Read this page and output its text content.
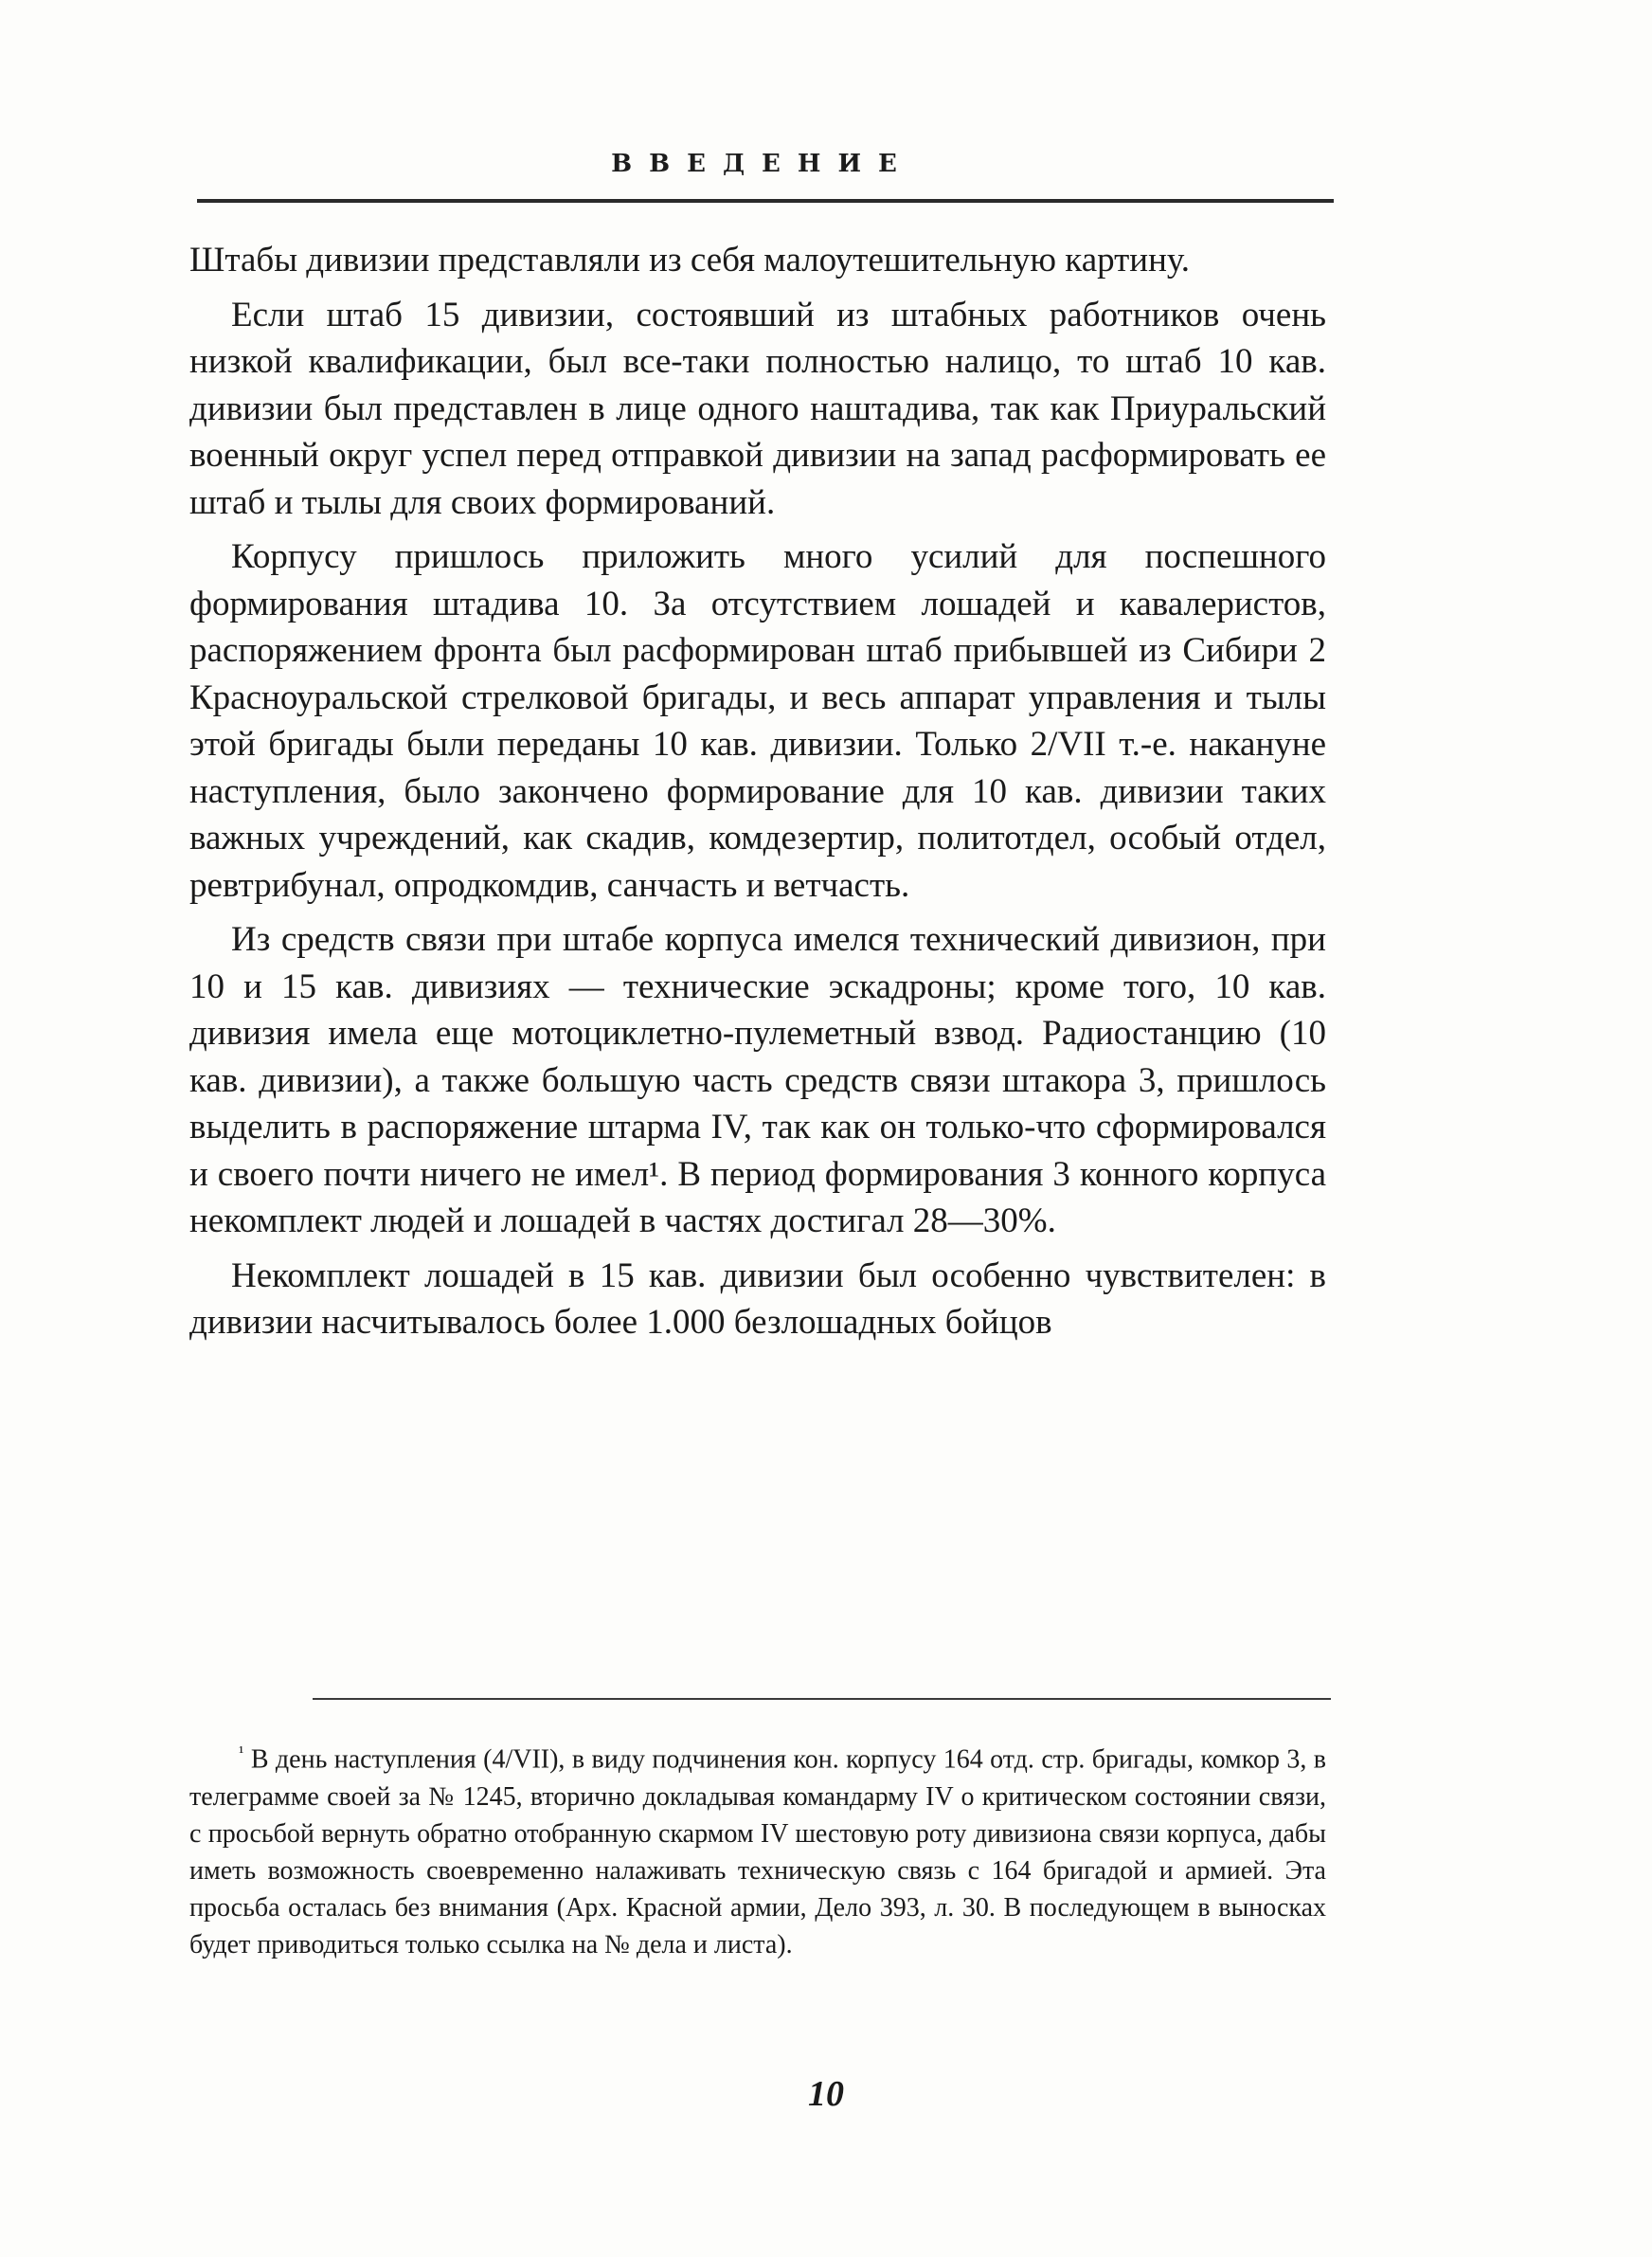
ВВЕДЕНИЕ

Штабы дивизии представляли из себя малоутешительную картину.

Если штаб 15 дивизии, состоявший из штабных работников очень низкой квалификации, был все-таки полностью налицо, то штаб 10 кав. дивизии был представлен в лице одного наштадива, так как Приуральский военный округ успел перед отправкой дивизии на запад расформировать ее штаб и тылы для своих формирований.

Корпусу пришлось приложить много усилий для поспешного формирования штадива 10. За отсутствием лошадей и кавалеристов, распоряжением фронта был расформирован штаб прибывшей из Сибири 2 Красноуральской стрелковой бригады, и весь аппарат управления и тылы этой бригады были переданы 10 кав. дивизии. Только 2/VII т.-е. накануне наступления, было закончено формирование для 10 кав. дивизии таких важных учреждений, как скадив, комдезертир, политотдел, особый отдел, ревтрибунал, опродкомдив, санчасть и ветчасть.

Из средств связи при штабе корпуса имелся технический дивизион, при 10 и 15 кав. дивизиях — технические эскадроны; кроме того, 10 кав. дивизия имела еще мотоциклетно-пулеметный взвод. Радиостанцию (10 кав. дивизии), а также большую часть средств связи штакора 3, пришлось выделить в распоряжение штарма IV, так как он только-что сформировался и своего почти ничего не имел¹. В период формирования 3 конного корпуса некомплект людей и лошадей в частях достигал 28—30%.

Некомплект лошадей в 15 кав. дивизии был особенно чувствителен: в дивизии насчитывалось более 1.000 безлошадных бойцов

$^{^1}$ В день наступления (4/VII), в виду подчинения кон. корпусу 164 отд. стр. бригады, комкор 3, в телеграмме своей за № 1245, вторично докладывая командарму IV о критическом состоянии связи, с просьбой вернуть обратно отобранную скармом IV шестовую роту дивизиона связи корпуса, дабы иметь возможность своевременно налаживать техническую связь с 164 бригадой и армией. Эта просьба осталась без внимания (Арх. Красной армии, Дело 393, л. 30. В последующем в выносках будет приводиться только ссылка на № дела и листа).

10
